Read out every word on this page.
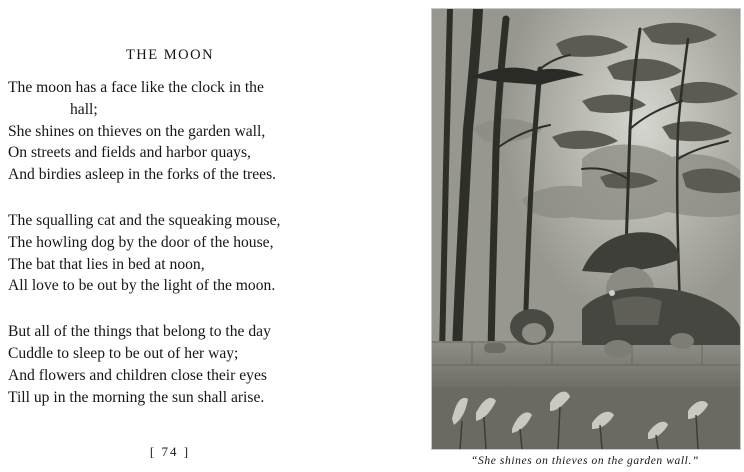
THE MOON
The moon has a face like the clock in the
hall;
She shines on thieves on the garden wall,
On streets and fields and harbor quays,
And birdies asleep in the forks of the trees.
The squalling cat and the squeaking mouse,
The howling dog by the door of the house,
The bat that lies in bed at noon,
All love to be out by the light of the moon.
But all of the things that belong to the day
Cuddle to sleep to be out of her way;
And flowers and children close their eyes
Till up in the morning the sun shall arise.
[ 74 ]
“She shines on thieves on the garden wall.”
